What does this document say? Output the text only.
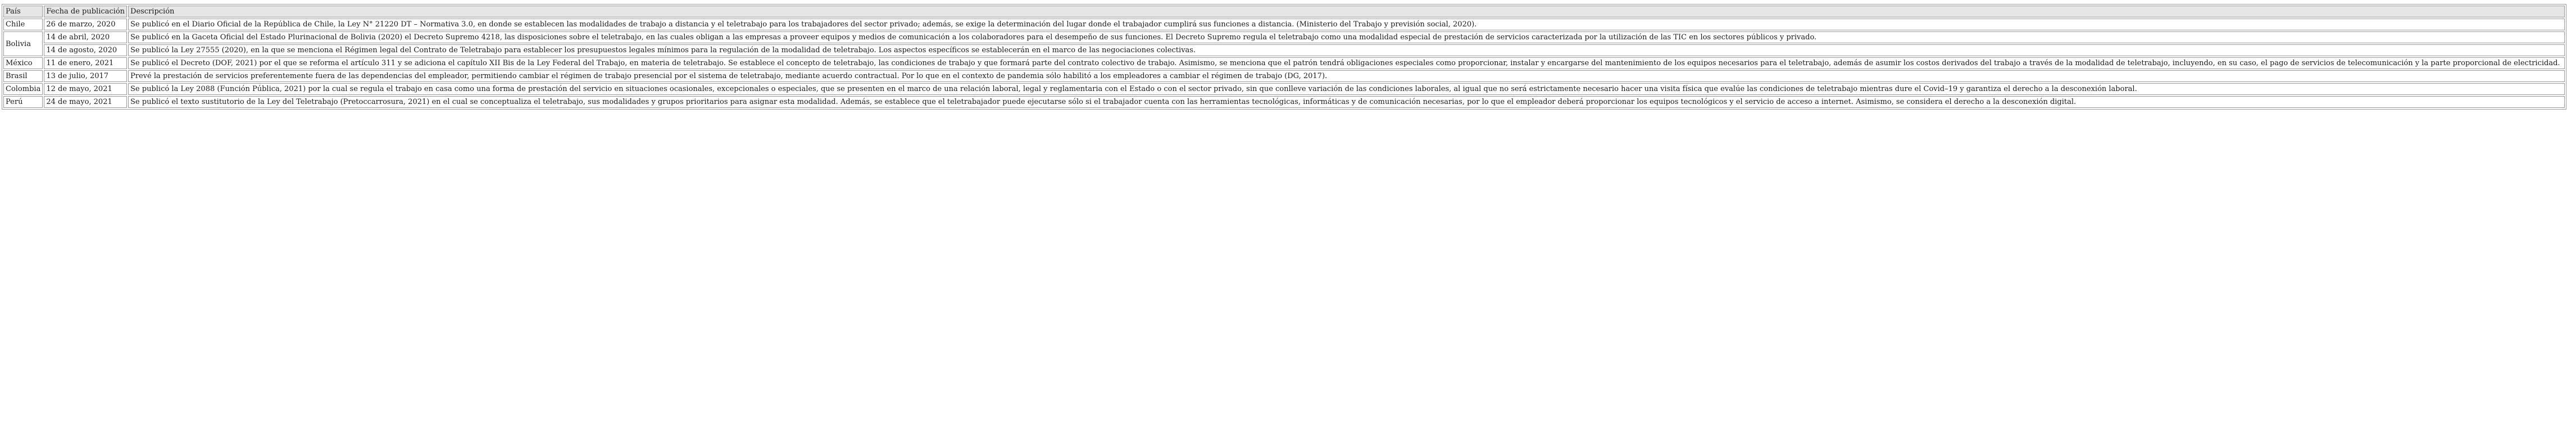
País	Fecha de publicación	Descripción
Chile	26 de marzo, 2020	Se publicó en el Diario Oficial de la República de Chile, la Ley N° 21220 DT – Normativa 3.0, en donde se establecen las modalidades de trabajo a distancia y el teletrabajo para los trabajadores del sector privado; además, se exige la determinación del lugar donde el trabajador cumplirá sus funciones a distancia. (Ministerio del Trabajo y previsión social, 2020).
Bolivia	14 de abril, 2020	Se publicó en la Gaceta Oficial del Estado Plurinacional de Bolivia (2020) el Decreto Supremo 4218, las disposiciones sobre el teletrabajo, en las cuales obligan a las empresas a proveer equipos y medios de comunicación a los colaboradores para el desempeño de sus funciones. El Decreto Supremo regula el teletrabajo como una modalidad especial de prestación de servicios caracterizada por la utilización de las TIC en los sectores públicos y privado.
	14 de agosto, 2020	Se publicó la Ley 27555 (2020), en la que se menciona el Régimen legal del Contrato de Teletrabajo para establecer los presupuestos legales mínimos para la regulación de la modalidad de teletrabajo. Los aspectos específicos se establecerán en el marco de las negociaciones colectivas.
México	11 de enero, 2021	Se publicó el Decreto (DOF, 2021) por el que se reforma el artículo 311 y se adiciona el capítulo XII Bis de la Ley Federal del Trabajo, en materia de teletrabajo. Se establece el concepto de teletrabajo, las condiciones de trabajo y que formará parte del contrato colectivo de trabajo. Asimismo, se menciona que el patrón tendrá obligaciones especiales como proporcionar, instalar y encargarse del mantenimiento de los equipos necesarios para el teletrabajo, además de asumir los costos derivados del trabajo a través de la modalidad de teletrabajo, incluyendo, en su caso, el pago de servicios de telecomunicación y la parte proporcional de electricidad.
Brasil	13 de julio, 2017	Prevé la prestación de servicios preferentemente fuera de las dependencias del empleador, permitiendo cambiar el régimen de trabajo presencial por el sistema de teletrabajo, mediante acuerdo contractual. Por lo que en el contexto de pandemia sólo habilitó a los empleadores a cambiar el régimen de trabajo (DG, 2017).
Colombia	12 de mayo, 2021	Se publicó la Ley 2088 (Función Pública, 2021) por la cual se regula el trabajo en casa como una forma de prestación del servicio en situaciones ocasionales, excepcionales o especiales, que se presenten en el marco de una relación laboral, legal y reglamentaria con el Estado o con el sector privado, sin que conlleve variación de las condiciones laborales, al igual que no será estrictamente necesario hacer una visita física que evalúe las condiciones de teletrabajo mientras dure el Covid–19 y garantiza el derecho a la desconexión laboral.
Perú	24 de mayo, 2021	Se publicó el texto sustitutorio de la Ley del Teletrabajo (Pretoccarrosura, 2021) en el cual se conceptualiza el teletrabajo, sus modalidades y grupos prioritarios para asignar esta modalidad. Además, se establece que el teletrabajador puede ejecutarse sólo si el trabajador cuenta con las herramientas tecnológicas, informáticas y de comunicación necesarias, por lo que el empleador deberá proporcionar los equipos tecnológicos y el servicio de acceso a internet. Asimismo, se considera el derecho a la desconexión digital.
